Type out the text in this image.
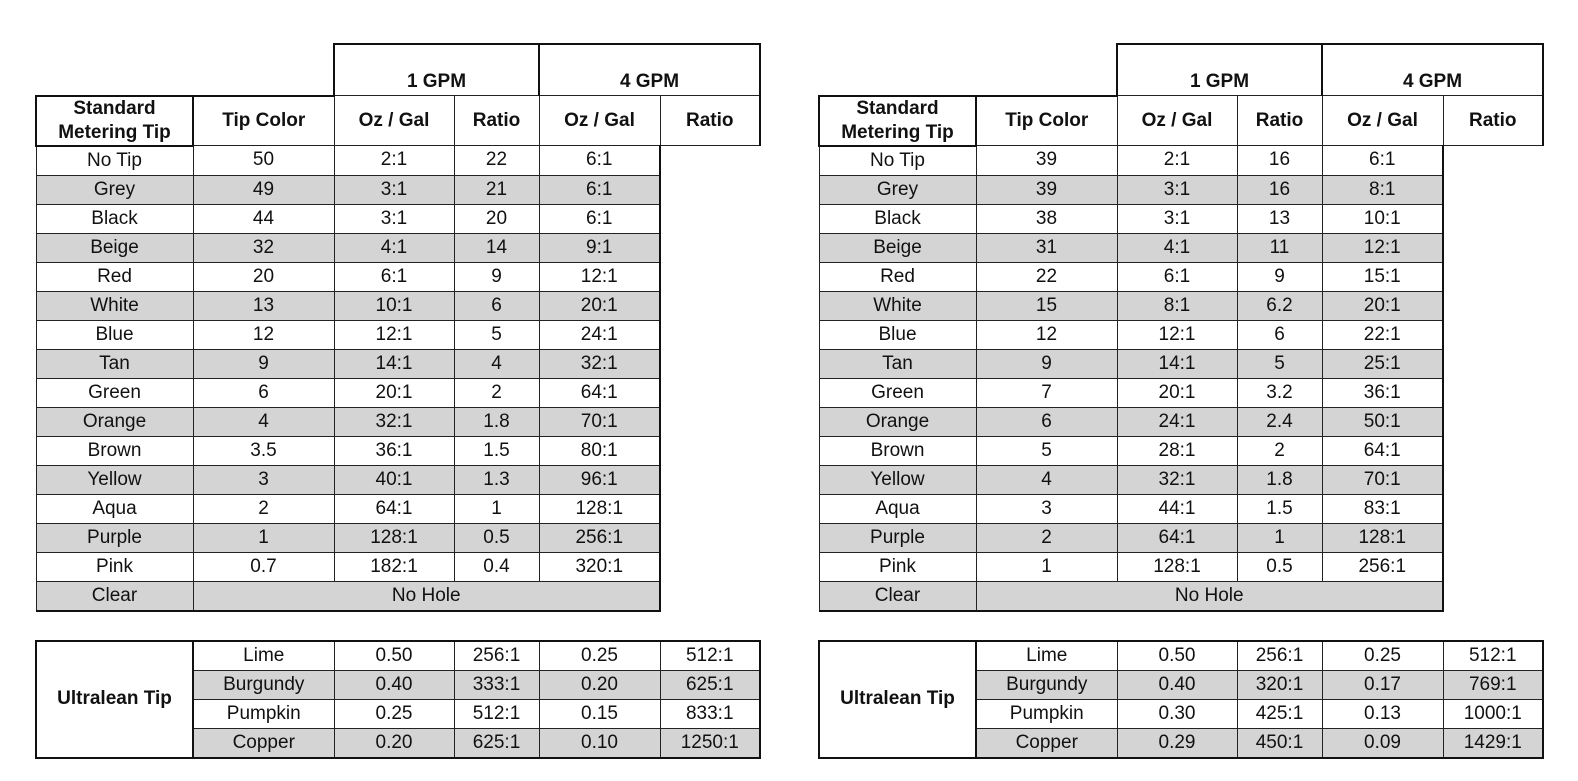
		1 GPM		4 GPM	
Standard Metering Tip	Tip Color	Oz / Gal	Ratio	Oz / Gal	Ratio
No Tip	50	2:1	22	6:1	
Grey	49	3:1	21	6:1	
Black	44	3:1	20	6:1	
Beige	32	4:1	14	9:1	
Red	20	6:1	9	12:1	
White	13	10:1	6	20:1	
Blue	12	12:1	5	24:1	
Tan	9	14:1	4	32:1	
Green	6	20:1	2	64:1	
Orange	4	32:1	1.8	70:1	
Brown	3.5	36:1	1.5	80:1	
Yellow	3	40:1	1.3	96:1	
Aqua	2	64:1	1	128:1	
Purple	1	128:1	0.5	256:1	
Pink	0.7	182:1	0.4	320:1	
Clear	No Hole				
Ultralean Tip	Lime	0.50	256:1	0.25	512:1
	Burgundy	0.40	333:1	0.20	625:1
	Pumpkin	0.25	512:1	0.15	833:1
	Copper	0.20	625:1	0.10	1250:1
		1 GPM		4 GPM	
Standard Metering Tip	Tip Color	Oz / Gal	Ratio	Oz / Gal	Ratio
No Tip	39	2:1	16	6:1	
Grey	39	3:1	16	8:1	
Black	38	3:1	13	10:1	
Beige	31	4:1	11	12:1	
Red	22	6:1	9	15:1	
White	15	8:1	6.2	20:1	
Blue	12	12:1	6	22:1	
Tan	9	14:1	5	25:1	
Green	7	20:1	3.2	36:1	
Orange	6	24:1	2.4	50:1	
Brown	5	28:1	2	64:1	
Yellow	4	32:1	1.8	70:1	
Aqua	3	44:1	1.5	83:1	
Purple	2	64:1	1	128:1	
Pink	1	128:1	0.5	256:1	
Clear	No Hole				
Ultralean Tip	Lime	0.50	256:1	0.25	512:1
	Burgundy	0.40	320:1	0.17	769:1
	Pumpkin	0.30	425:1	0.13	1000:1
	Copper	0.29	450:1	0.09	1429:1
